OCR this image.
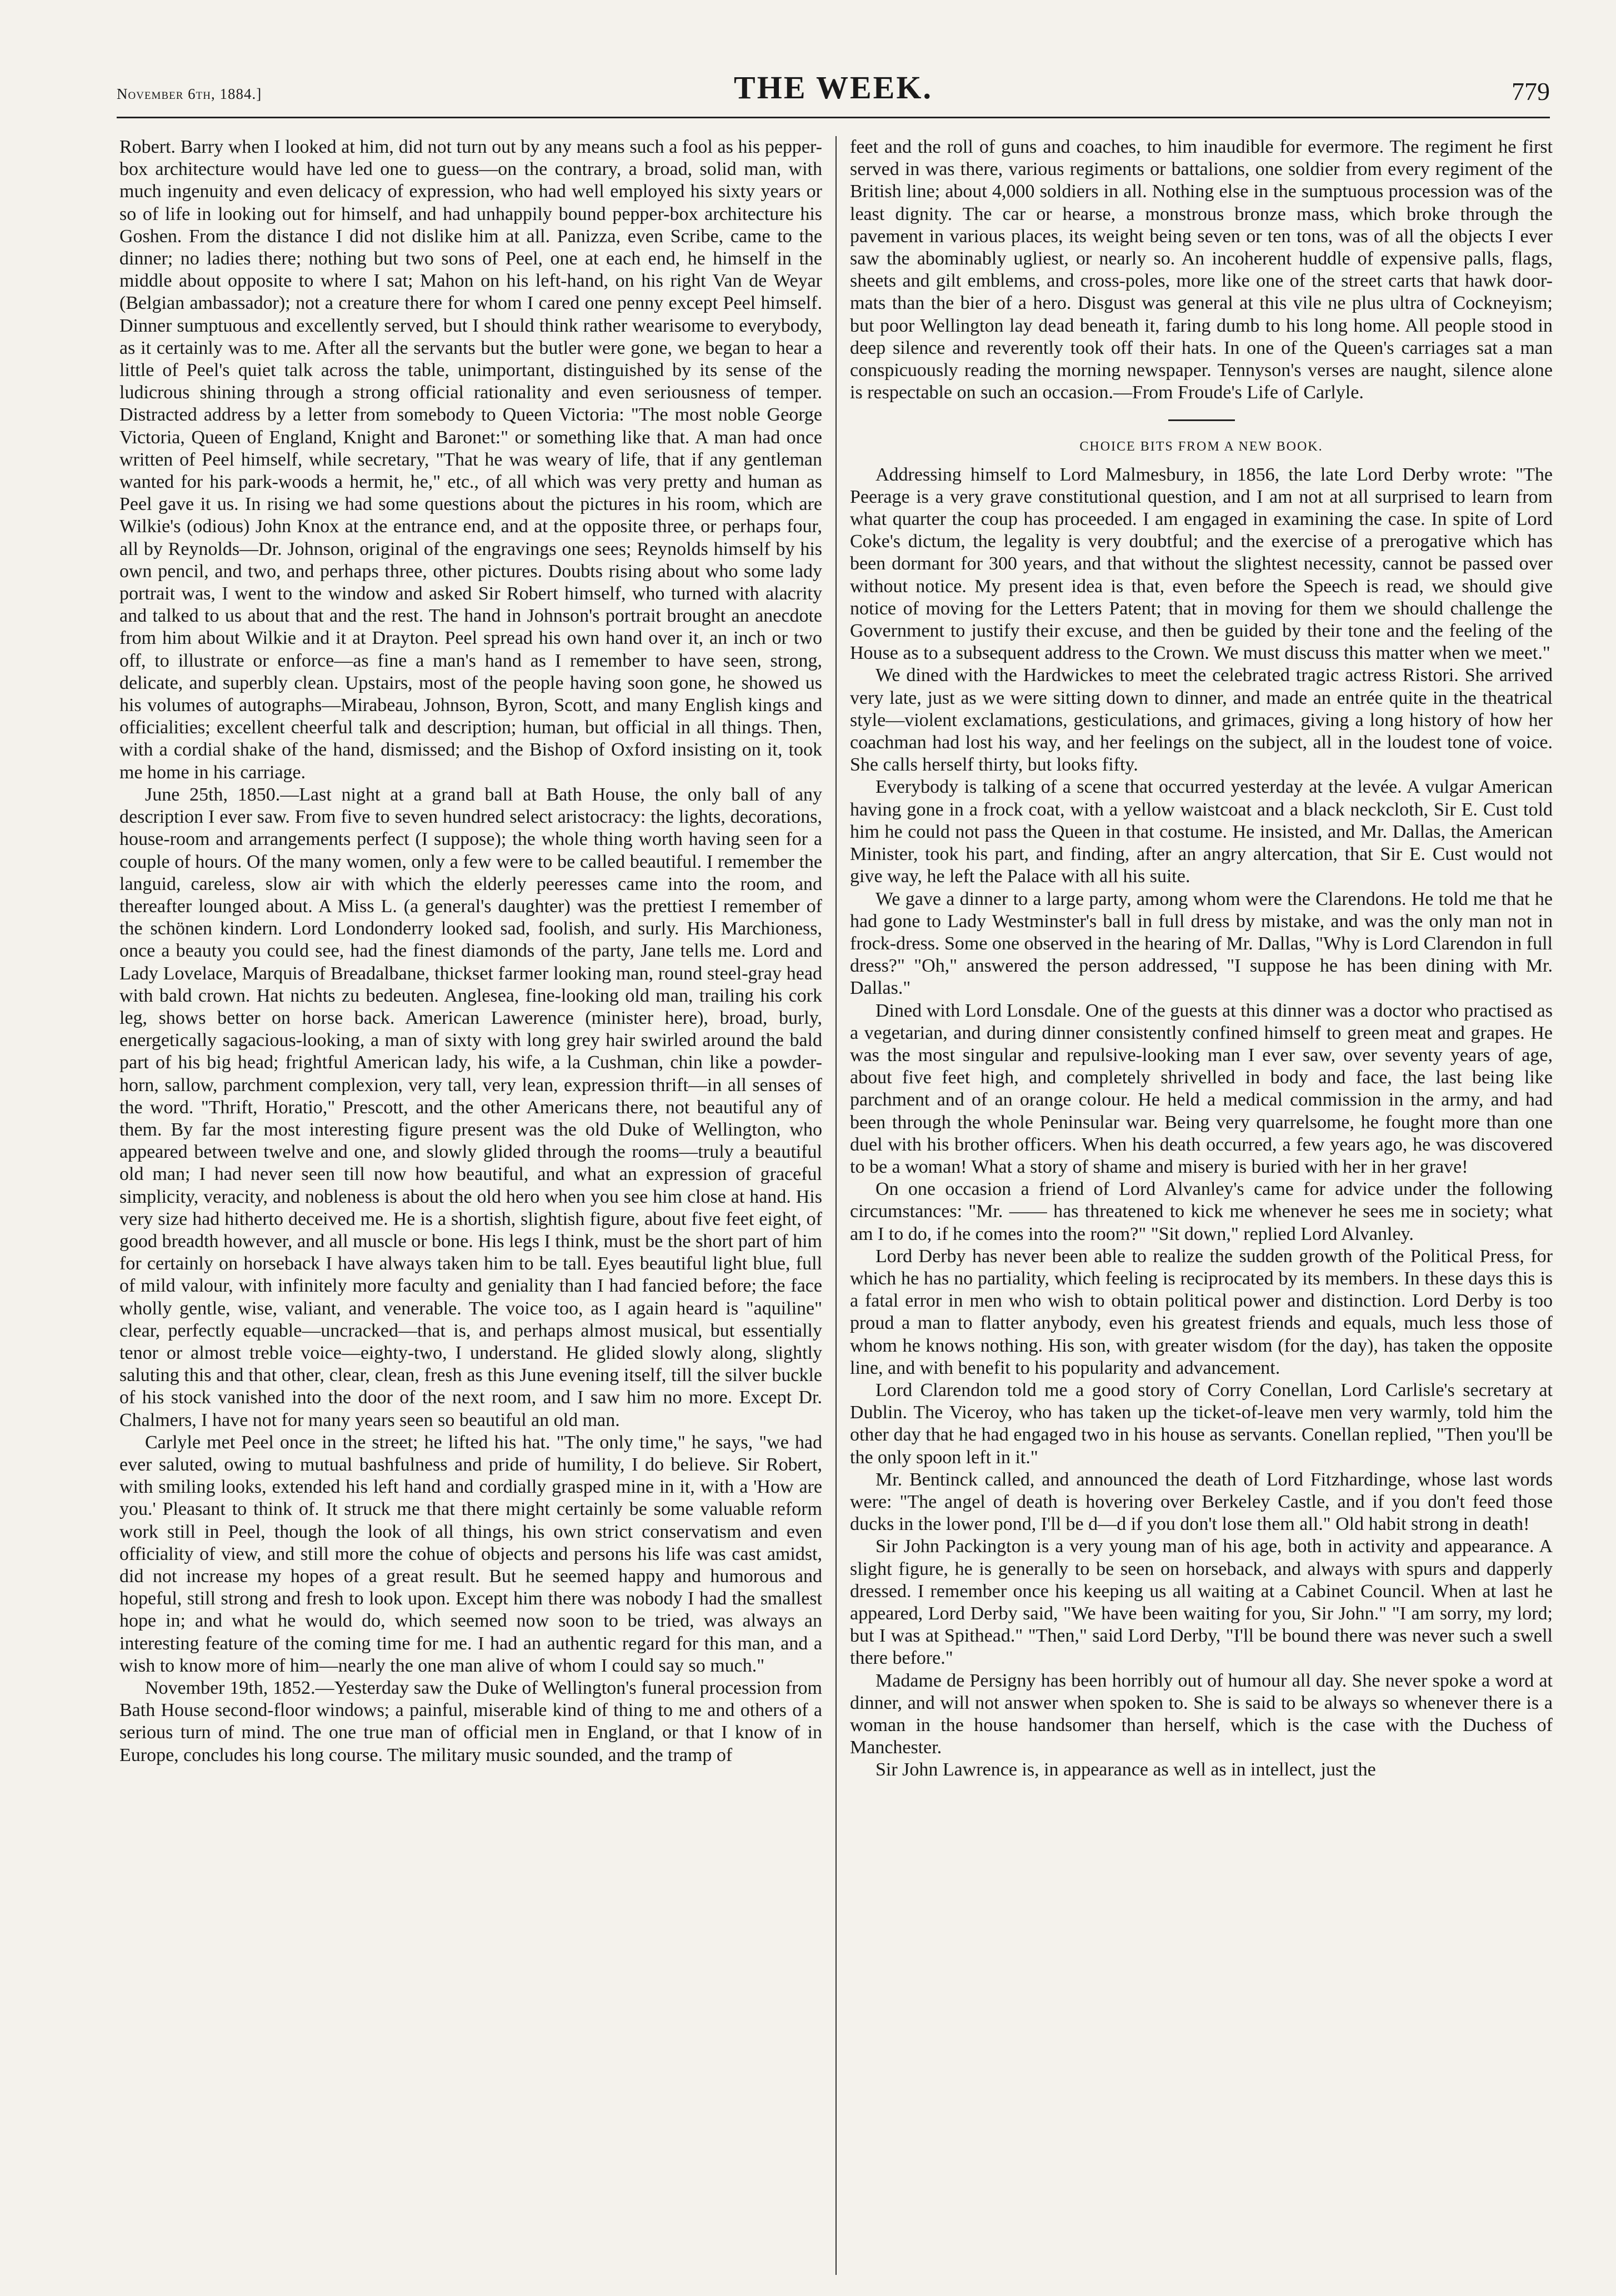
November 6th, 1884.]	THE WEEK.	779

Robert. Barry when I looked at him, did not turn out by any means such a fool as his pepper-box architecture would have led one to guess—on the contrary, a broad, solid man, with much ingenuity and even delicacy of expression, who had well employed his sixty years or so of life in looking out for himself, and had unhappily bound pepper-box architecture his Goshen. From the distance I did not dislike him at all. Panizza, even Scribe, came to the dinner; no ladies there; nothing but two sons of Peel, one at each end, he himself in the middle about opposite to where I sat; Mahon on his left-hand, on his right Van de Weyar (Belgian ambassador); not a creature there for whom I cared one penny except Peel himself. Dinner sumptuous and excellently served, but I should think rather wearisome to everybody, as it certainly was to me. After all the servants but the butler were gone, we began to hear a little of Peel's quiet talk across the table, unimportant, distinguished by its sense of the ludicrous shining through a strong official rationality and even seriousness of temper. Distracted address by a letter from somebody to Queen Victoria: "The most noble George Victoria, Queen of England, Knight and Baronet:" or something like that. A man had once written of Peel himself, while secretary, "That he was weary of life, that if any gentleman wanted for his park-woods a hermit, he," etc., of all which was very pretty and human as Peel gave it us. In rising we had some questions about the pictures in his room, which are Wilkie's (odious) John Knox at the entrance end, and at the opposite three, or perhaps four, all by Reynolds—Dr. Johnson, original of the engravings one sees; Reynolds himself by his own pencil, and two, and perhaps three, other pictures. Doubts rising about who some lady portrait was, I went to the window and asked Sir Robert himself, who turned with alacrity and talked to us about that and the rest. The hand in Johnson's portrait brought an anecdote from him about Wilkie and it at Drayton. Peel spread his own hand over it, an inch or two off, to illustrate or enforce—as fine a man's hand as I remember to have seen, strong, delicate, and superbly clean. Upstairs, most of the people having soon gone, he showed us his volumes of autographs—Mirabeau, Johnson, Byron, Scott, and many English kings and officialities; excellent cheerful talk and description; human, but official in all things. Then, with a cordial shake of the hand, dismissed; and the Bishop of Oxford insisting on it, took me home in his carriage.

June 25th, 1850.—Last night at a grand ball at Bath House, the only ball of any description I ever saw. From five to seven hundred select aristocracy: the lights, decorations, house-room and arrangements perfect (I suppose); the whole thing worth having seen for a couple of hours. Of the many women, only a few were to be called beautiful. I remember the languid, careless, slow air with which the elderly peeresses came into the room, and thereafter lounged about. A Miss L. (a general's daughter) was the prettiest I remember of the schönen kindern. Lord Londonderry looked sad, foolish, and surly. His Marchioness, once a beauty you could see, had the finest diamonds of the party, Jane tells me. Lord and Lady Lovelace, Marquis of Breadalbane, thickset farmer looking man, round steel-gray head with bald crown. Hat nichts zu bedeuten. Anglesea, fine-looking old man, trailing his cork leg, shows better on horse back. American Lawerence (minister here), broad, burly, energetically sagacious-looking, a man of sixty with long grey hair swirled around the bald part of his big head; frightful American lady, his wife, a la Cushman, chin like a powder-horn, sallow, parchment complexion, very tall, very lean, expression thrift—in all senses of the word. "Thrift, Horatio," Prescott, and the other Americans there, not beautiful any of them. By far the most interesting figure present was the old Duke of Wellington, who appeared between twelve and one, and slowly glided through the rooms—truly a beautiful old man; I had never seen till now how beautiful, and what an expression of graceful simplicity, veracity, and nobleness is about the old hero when you see him close at hand. His very size had hitherto deceived me. He is a shortish, slightish figure, about five feet eight, of good breadth however, and all muscle or bone. His legs I think, must be the short part of him for certainly on horseback I have always taken him to be tall. Eyes beautiful light blue, full of mild valour, with infinitely more faculty and geniality than I had fancied before; the face wholly gentle, wise, valiant, and venerable. The voice too, as I again heard is "aquiline" clear, perfectly equable—uncracked—that is, and perhaps almost musical, but essentially tenor or almost treble voice—eighty-two, I understand. He glided slowly along, slightly saluting this and that other, clear, clean, fresh as this June evening itself, till the silver buckle of his stock vanished into the door of the next room, and I saw him no more. Except Dr. Chalmers, I have not for many years seen so beautiful an old man.

Carlyle met Peel once in the street; he lifted his hat. "The only time," he says, "we had ever saluted, owing to mutual bashfulness and pride of humility, I do believe. Sir Robert, with smiling looks, extended his left hand and cordially grasped mine in it, with a 'How are you.' Pleasant to think of. It struck me that there might certainly be some valuable reform work still in Peel, though the look of all things, his own strict conservatism and even officiality of view, and still more the cohue of objects and persons his life was cast amidst, did not increase my hopes of a great result. But he seemed happy and humorous and hopeful, still strong and fresh to look upon. Except him there was nobody I had the smallest hope in; and what he would do, which seemed now soon to be tried, was always an interesting feature of the coming time for me. I had an authentic regard for this man, and a wish to know more of him—nearly the one man alive of whom I could say so much."

November 19th, 1852.—Yesterday saw the Duke of Wellington's funeral procession from Bath House second-floor windows; a painful, miserable kind of thing to me and others of a serious turn of mind. The one true man of official men in England, or that I know of in Europe, concludes his long course. The military music sounded, and the tramp of

feet and the roll of guns and coaches, to him inaudible for evermore. The regiment he first served in was there, various regiments or battalions, one soldier from every regiment of the British line; about 4,000 soldiers in all. Nothing else in the sumptuous procession was of the least dignity. The car or hearse, a monstrous bronze mass, which broke through the pavement in various places, its weight being seven or ten tons, was of all the objects I ever saw the abominably ugliest, or nearly so. An incoherent huddle of expensive palls, flags, sheets and gilt emblems, and cross-poles, more like one of the street carts that hawk door-mats than the bier of a hero. Disgust was general at this vile ne plus ultra of Cockneyism; but poor Wellington lay dead beneath it, faring dumb to his long home. All people stood in deep silence and reverently took off their hats. In one of the Queen's carriages sat a man conspicuously reading the morning newspaper. Tennyson's verses are naught, silence alone is respectable on such an occasion.—From Froude's Life of Carlyle.

CHOICE BITS FROM A NEW BOOK.

Addressing himself to Lord Malmesbury, in 1856, the late Lord Derby wrote: "The Peerage is a very grave constitutional question, and I am not at all surprised to learn from what quarter the coup has proceeded. I am engaged in examining the case. In spite of Lord Coke's dictum, the legality is very doubtful; and the exercise of a prerogative which has been dormant for 300 years, and that without the slightest necessity, cannot be passed over without notice. My present idea is that, even before the Speech is read, we should give notice of moving for the Letters Patent; that in moving for them we should challenge the Government to justify their excuse, and then be guided by their tone and the feeling of the House as to a subsequent address to the Crown. We must discuss this matter when we meet."

We dined with the Hardwickes to meet the celebrated tragic actress Ristori. She arrived very late, just as we were sitting down to dinner, and made an entrée quite in the theatrical style—violent exclamations, gesticulations, and grimaces, giving a long history of how her coachman had lost his way, and her feelings on the subject, all in the loudest tone of voice. She calls herself thirty, but looks fifty.

Everybody is talking of a scene that occurred yesterday at the levée. A vulgar American having gone in a frock coat, with a yellow waistcoat and a black neckcloth, Sir E. Cust told him he could not pass the Queen in that costume. He insisted, and Mr. Dallas, the American Minister, took his part, and finding, after an angry altercation, that Sir E. Cust would not give way, he left the Palace with all his suite.

We gave a dinner to a large party, among whom were the Clarendons. He told me that he had gone to Lady Westminster's ball in full dress by mistake, and was the only man not in frock-dress. Some one observed in the hearing of Mr. Dallas, "Why is Lord Clarendon in full dress?" "Oh," answered the person addressed, "I suppose he has been dining with Mr. Dallas."

Dined with Lord Lonsdale. One of the guests at this dinner was a doctor who practised as a vegetarian, and during dinner consistently confined himself to green meat and grapes. He was the most singular and repulsive-looking man I ever saw, over seventy years of age, about five feet high, and completely shrivelled in body and face, the last being like parchment and of an orange colour. He held a medical commission in the army, and had been through the whole Peninsular war. Being very quarrelsome, he fought more than one duel with his brother officers. When his death occurred, a few years ago, he was discovered to be a woman! What a story of shame and misery is buried with her in her grave!

On one occasion a friend of Lord Alvanley's came for advice under the following circumstances: "Mr. —— has threatened to kick me whenever he sees me in society; what am I to do, if he comes into the room?" "Sit down," replied Lord Alvanley.

Lord Derby has never been able to realize the sudden growth of the Political Press, for which he has no partiality, which feeling is reciprocated by its members. In these days this is a fatal error in men who wish to obtain political power and distinction. Lord Derby is too proud a man to flatter anybody, even his greatest friends and equals, much less those of whom he knows nothing. His son, with greater wisdom (for the day), has taken the opposite line, and with benefit to his popularity and advancement.

Lord Clarendon told me a good story of Corry Conellan, Lord Carlisle's secretary at Dublin. The Viceroy, who has taken up the ticket-of-leave men very warmly, told him the other day that he had engaged two in his house as servants. Conellan replied, "Then you'll be the only spoon left in it."

Mr. Bentinck called, and announced the death of Lord Fitzhardinge, whose last words were: "The angel of death is hovering over Berkeley Castle, and if you don't feed those ducks in the lower pond, I'll be d—d if you don't lose them all." Old habit strong in death!

Sir John Packington is a very young man of his age, both in activity and appearance. A slight figure, he is generally to be seen on horseback, and always with spurs and dapperly dressed. I remember once his keeping us all waiting at a Cabinet Council. When at last he appeared, Lord Derby said, "We have been waiting for you, Sir John." "I am sorry, my lord; but I was at Spithead." "Then," said Lord Derby, "I'll be bound there was never such a swell there before."

Madame de Persigny has been horribly out of humour all day. She never spoke a word at dinner, and will not answer when spoken to. She is said to be always so whenever there is a woman in the house handsomer than herself, which is the case with the Duchess of Manchester.

Sir John Lawrence is, in appearance as well as in intellect, just the
